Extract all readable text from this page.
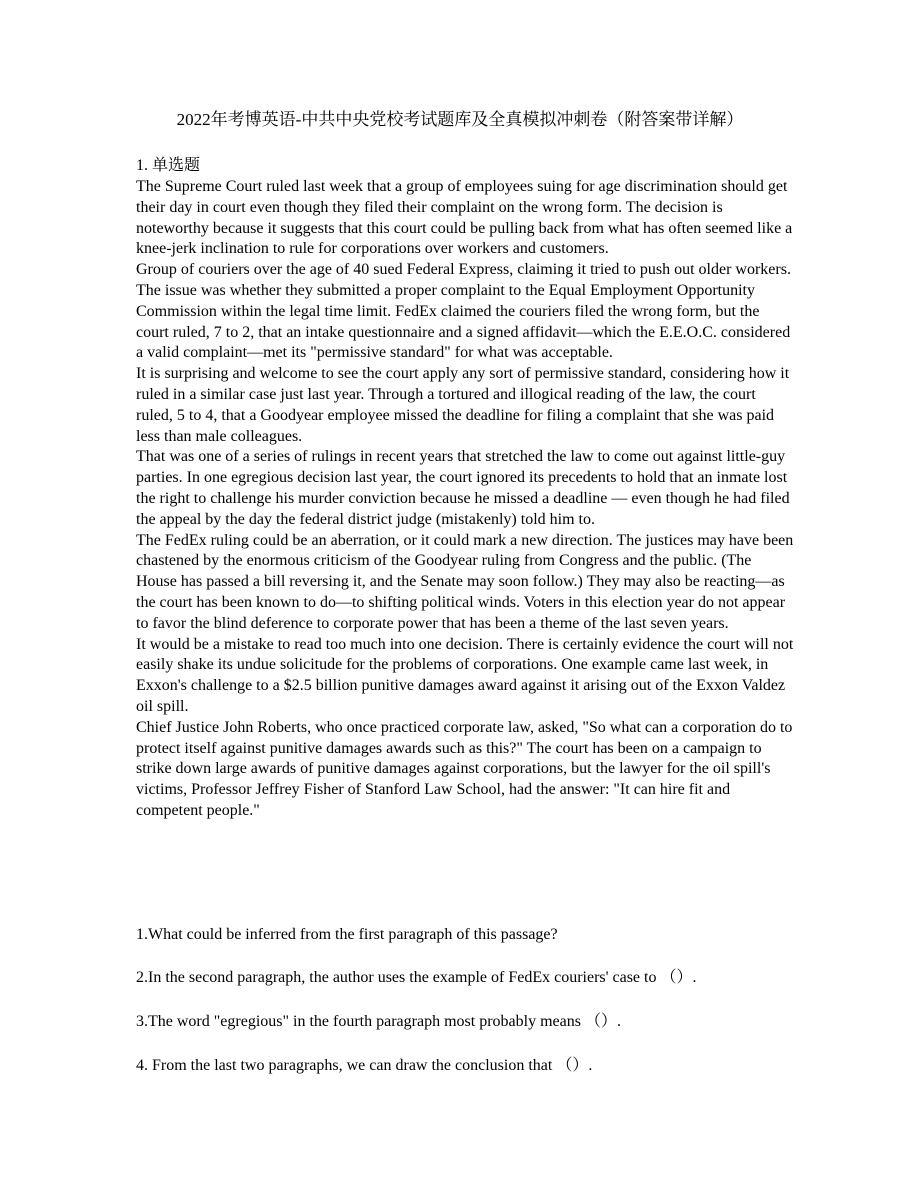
2022年考博英语-中共中央党校考试题库及全真模拟冲刺卷（附答案带详解）

1. 单选题

The Supreme Court ruled last week that a group of employees suing for age discrimination should get their day in court even though they filed their complaint on the wrong form. The decision is noteworthy because it suggests that this court could be pulling back from what has often seemed like a knee-jerk inclination to rule for corporations over workers and customers.

Group of couriers over the age of 40 sued Federal Express, claiming it tried to push out older workers. The issue was whether they submitted a proper complaint to the Equal Employment Opportunity Commission within the legal time limit. FedEx claimed the couriers filed the wrong form, but the court ruled, 7 to 2, that an intake questionnaire and a signed affidavit—which the E.E.O.C. considered a valid complaint—met its "permissive standard" for what was acceptable.

It is surprising and welcome to see the court apply any sort of permissive standard, considering how it ruled in a similar case just last year. Through a tortured and illogical reading of the law, the court ruled, 5 to 4, that a Goodyear employee missed the deadline for filing a complaint that she was paid less than male colleagues.

That was one of a series of rulings in recent years that stretched the law to come out against little-guy parties. In one egregious decision last year, the court ignored its precedents to hold that an inmate lost the right to challenge his murder conviction because he missed a deadline — even though he had filed the appeal by the day the federal district judge (mistakenly) told him to.

The FedEx ruling could be an aberration, or it could mark a new direction. The justices may have been chastened by the enormous criticism of the Goodyear ruling from Congress and the public. (The House has passed a bill reversing it, and the Senate may soon follow.) They may also be reacting—as the court has been known to do—to shifting political winds. Voters in this election year do not appear to favor the blind deference to corporate power that has been a theme of the last seven years.

It would be a mistake to read too much into one decision. There is certainly evidence the court will not easily shake its undue solicitude for the problems of corporations. One example came last week, in Exxon's challenge to a $2.5 billion punitive damages award against it arising out of the Exxon Valdez oil spill.

Chief Justice John Roberts, who once practiced corporate law, asked, "So what can a corporation do to protect itself against punitive damages awards such as this?" The court has been on a campaign to strike down large awards of punitive damages against corporations, but the lawyer for the oil spill's victims, Professor Jeffrey Fisher of Stanford Law School, had the answer: "It can hire fit and competent people."

1.What could be inferred from the first paragraph of this passage?

2.In the second paragraph, the author uses the example of FedEx couriers' case to （）.

3.The word "egregious" in the fourth paragraph most probably means （）.

4. From the last two paragraphs, we can draw the conclusion that （）.
